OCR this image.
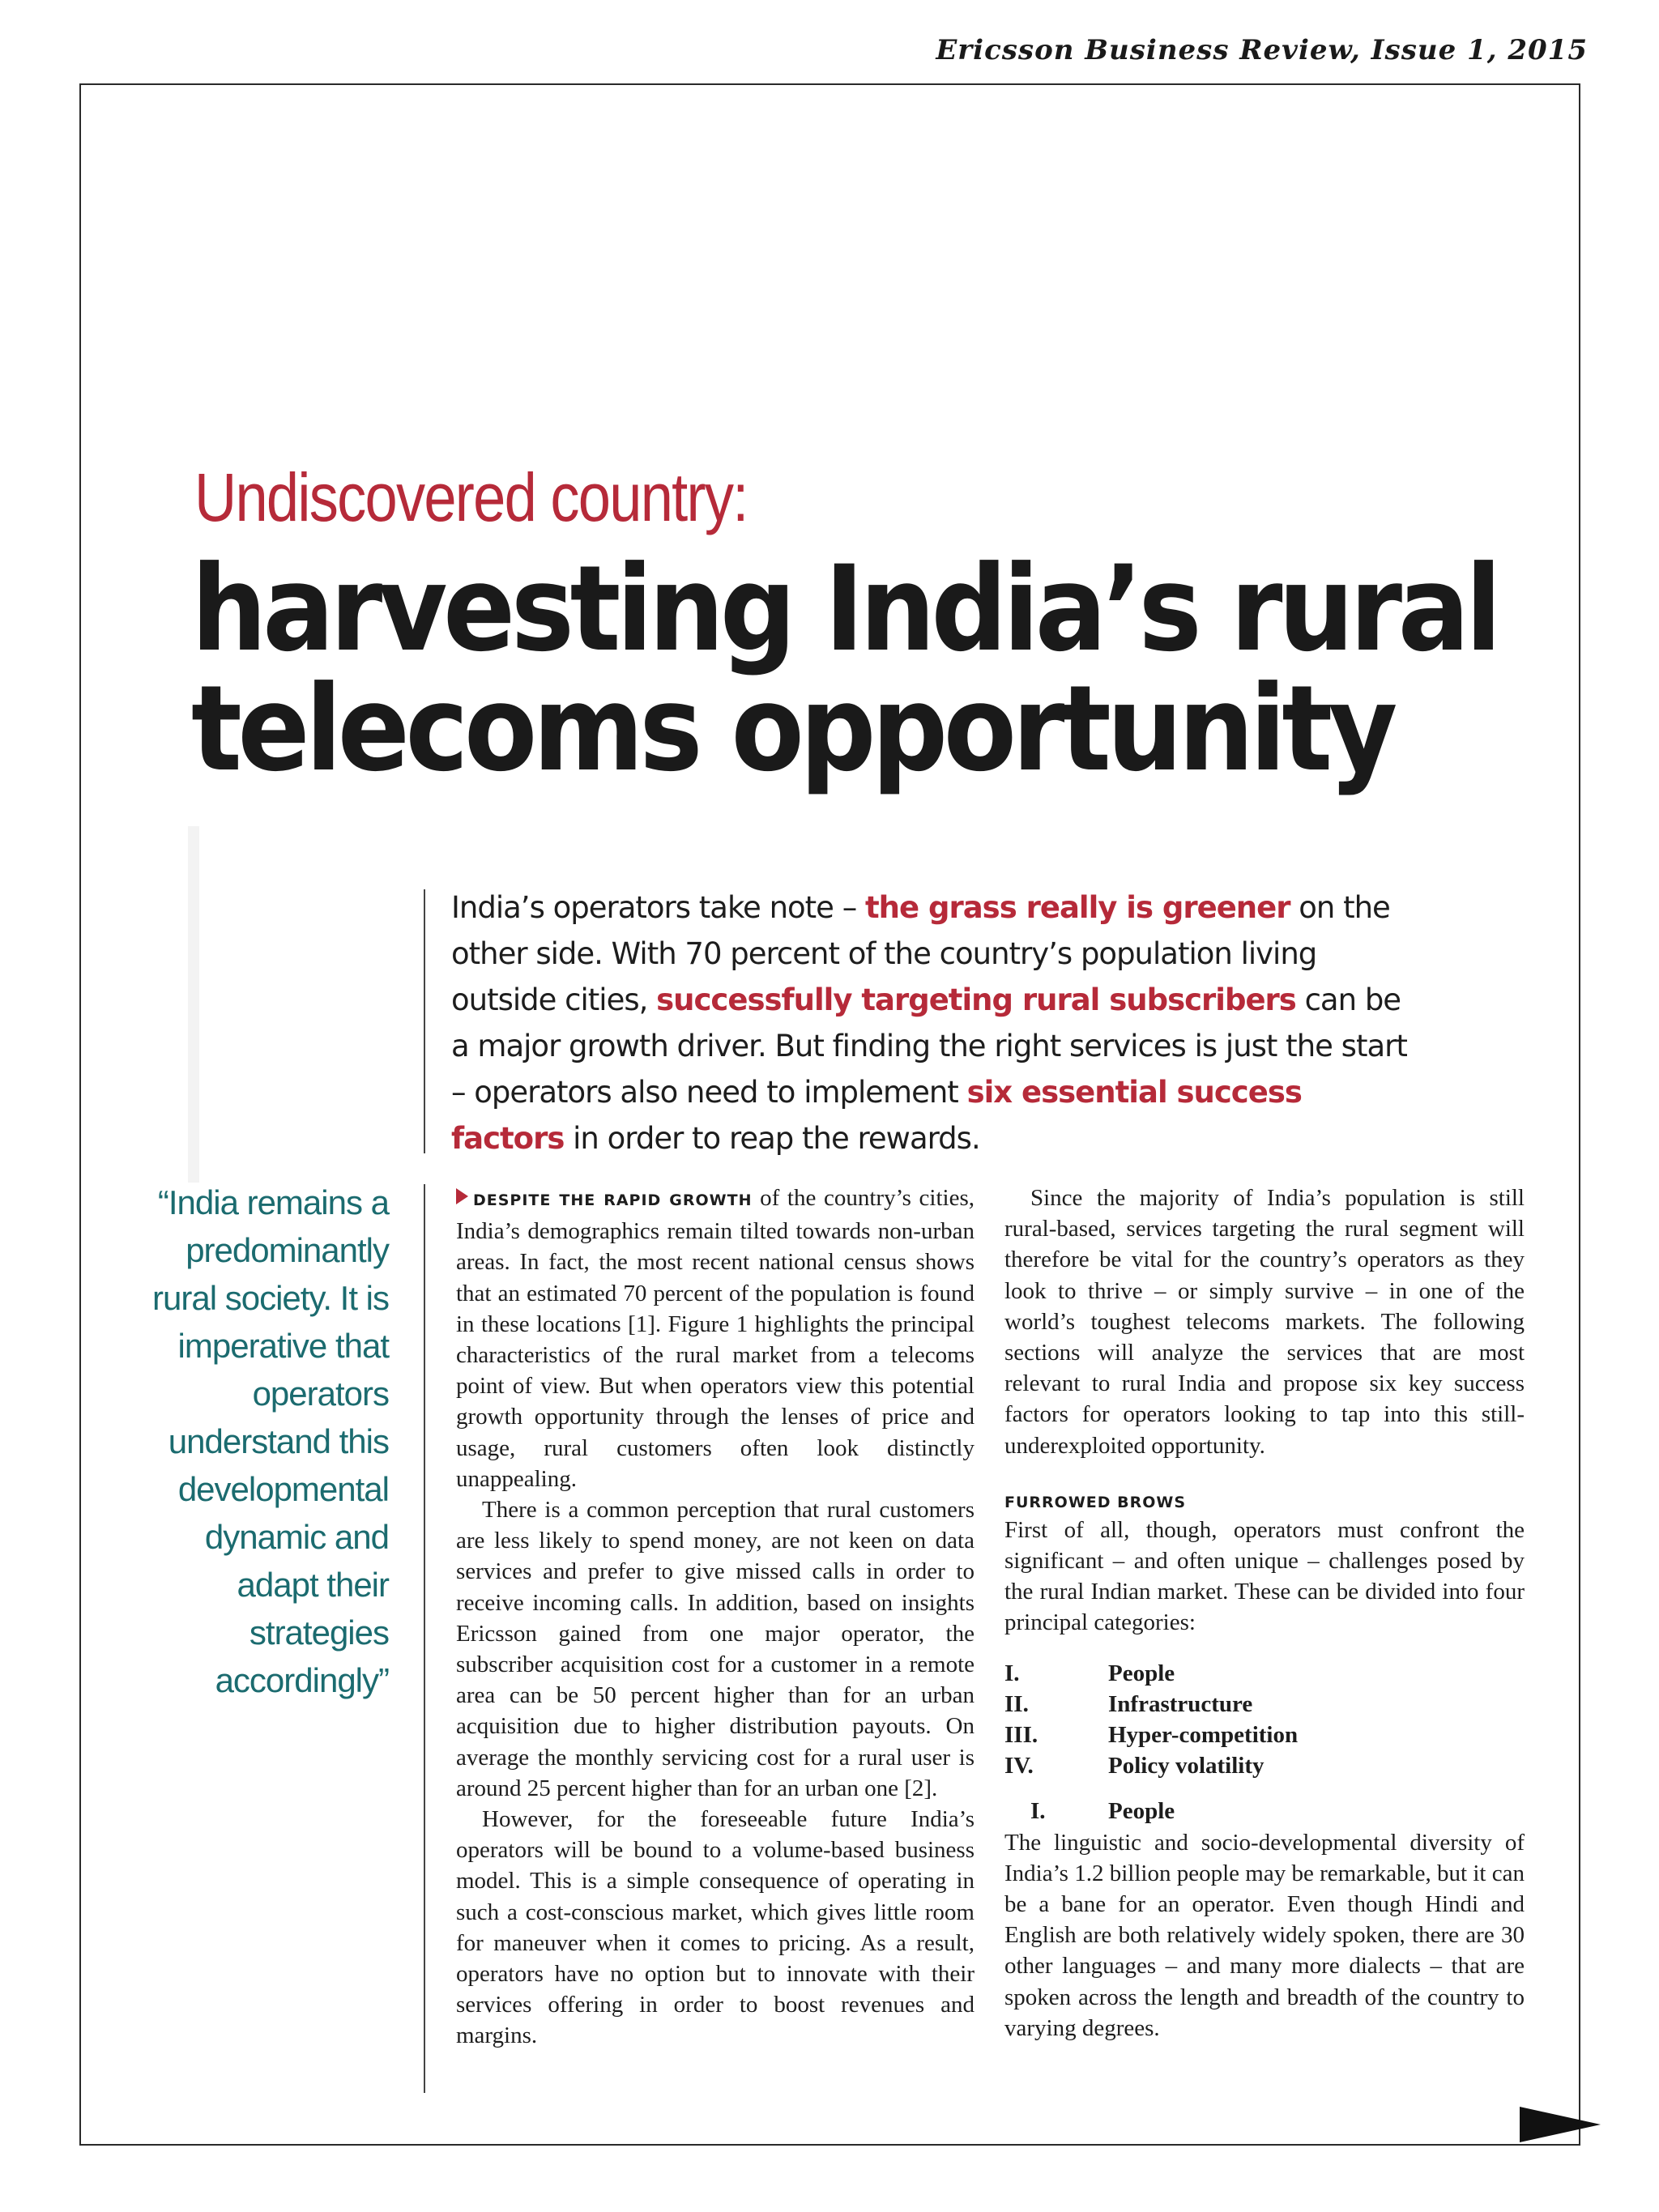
Ericsson Business Review, Issue 1, 2015
Undiscovered country:
harvesting India’s rural
telecoms opportunity
India’s operators take note – the grass really is greener on the other side. With 70 percent of the country’s population living outside cities, successfully targeting rural subscribers can be a major growth driver. But finding the right services is just the start – operators also need to implement six essential success factors in order to reap the rewards.
“India remains a predominantly rural society. It is imperative that operators understand this developmental dynamic and adapt their strategies accordingly”

DESPITE THE RAPID GROWTH of the country’s cities, India’s demographics remain tilted towards non-urban areas. In fact, the most recent national census shows that an estimated 70 percent of the population is found in these locations [1]. Figure 1 highlights the principal characteristics of the rural market from a telecoms point of view. But when operators view this potential growth opportunity through the lenses of price and usage, rural customers often look distinctly unappealing.

There is a common perception that rural customers are less likely to spend money, are not keen on data services and prefer to give missed calls in order to receive incoming calls. In addition, based on insights Ericsson gained from one major operator, the subscriber acquisition cost for a customer in a remote area can be 50 percent higher than for an urban acquisition due to higher distribution payouts. On average the monthly servicing cost for a rural user is around 25 percent higher than for an urban one [2].

However, for the foreseeable future India’s operators will be bound to a volume-based business model. This is a simple consequence of operating in such a cost-conscious market, which gives little room for maneuver when it comes to pricing. As a result, operators have no option but to innovate with their services offering in order to boost revenues and margins.

Since the majority of India’s population is still rural-based, services targeting the rural segment will therefore be vital for the country’s operators as they look to thrive – or simply survive – in one of the world’s toughest telecoms markets. The following sections will analyze the services that are most relevant to rural India and propose six key success factors for operators looking to tap into this still-underexploited opportunity.

FURROWED BROWS

First of all, though, operators must confront the significant – and often unique – challenges posed by the rural Indian market. These can be divided into four principal categories:

I.	People
II.	Infrastructure
III.	Hyper-competition
IV.	Policy volatility
I.	People

The linguistic and socio-developmental diversity of India’s 1.2 billion people may be remarkable, but it can be a bane for an operator. Even though Hindi and English are both relatively widely spoken, there are 30 other languages – and many more dialects – that are spoken across the length and breadth of the country to varying degrees.
